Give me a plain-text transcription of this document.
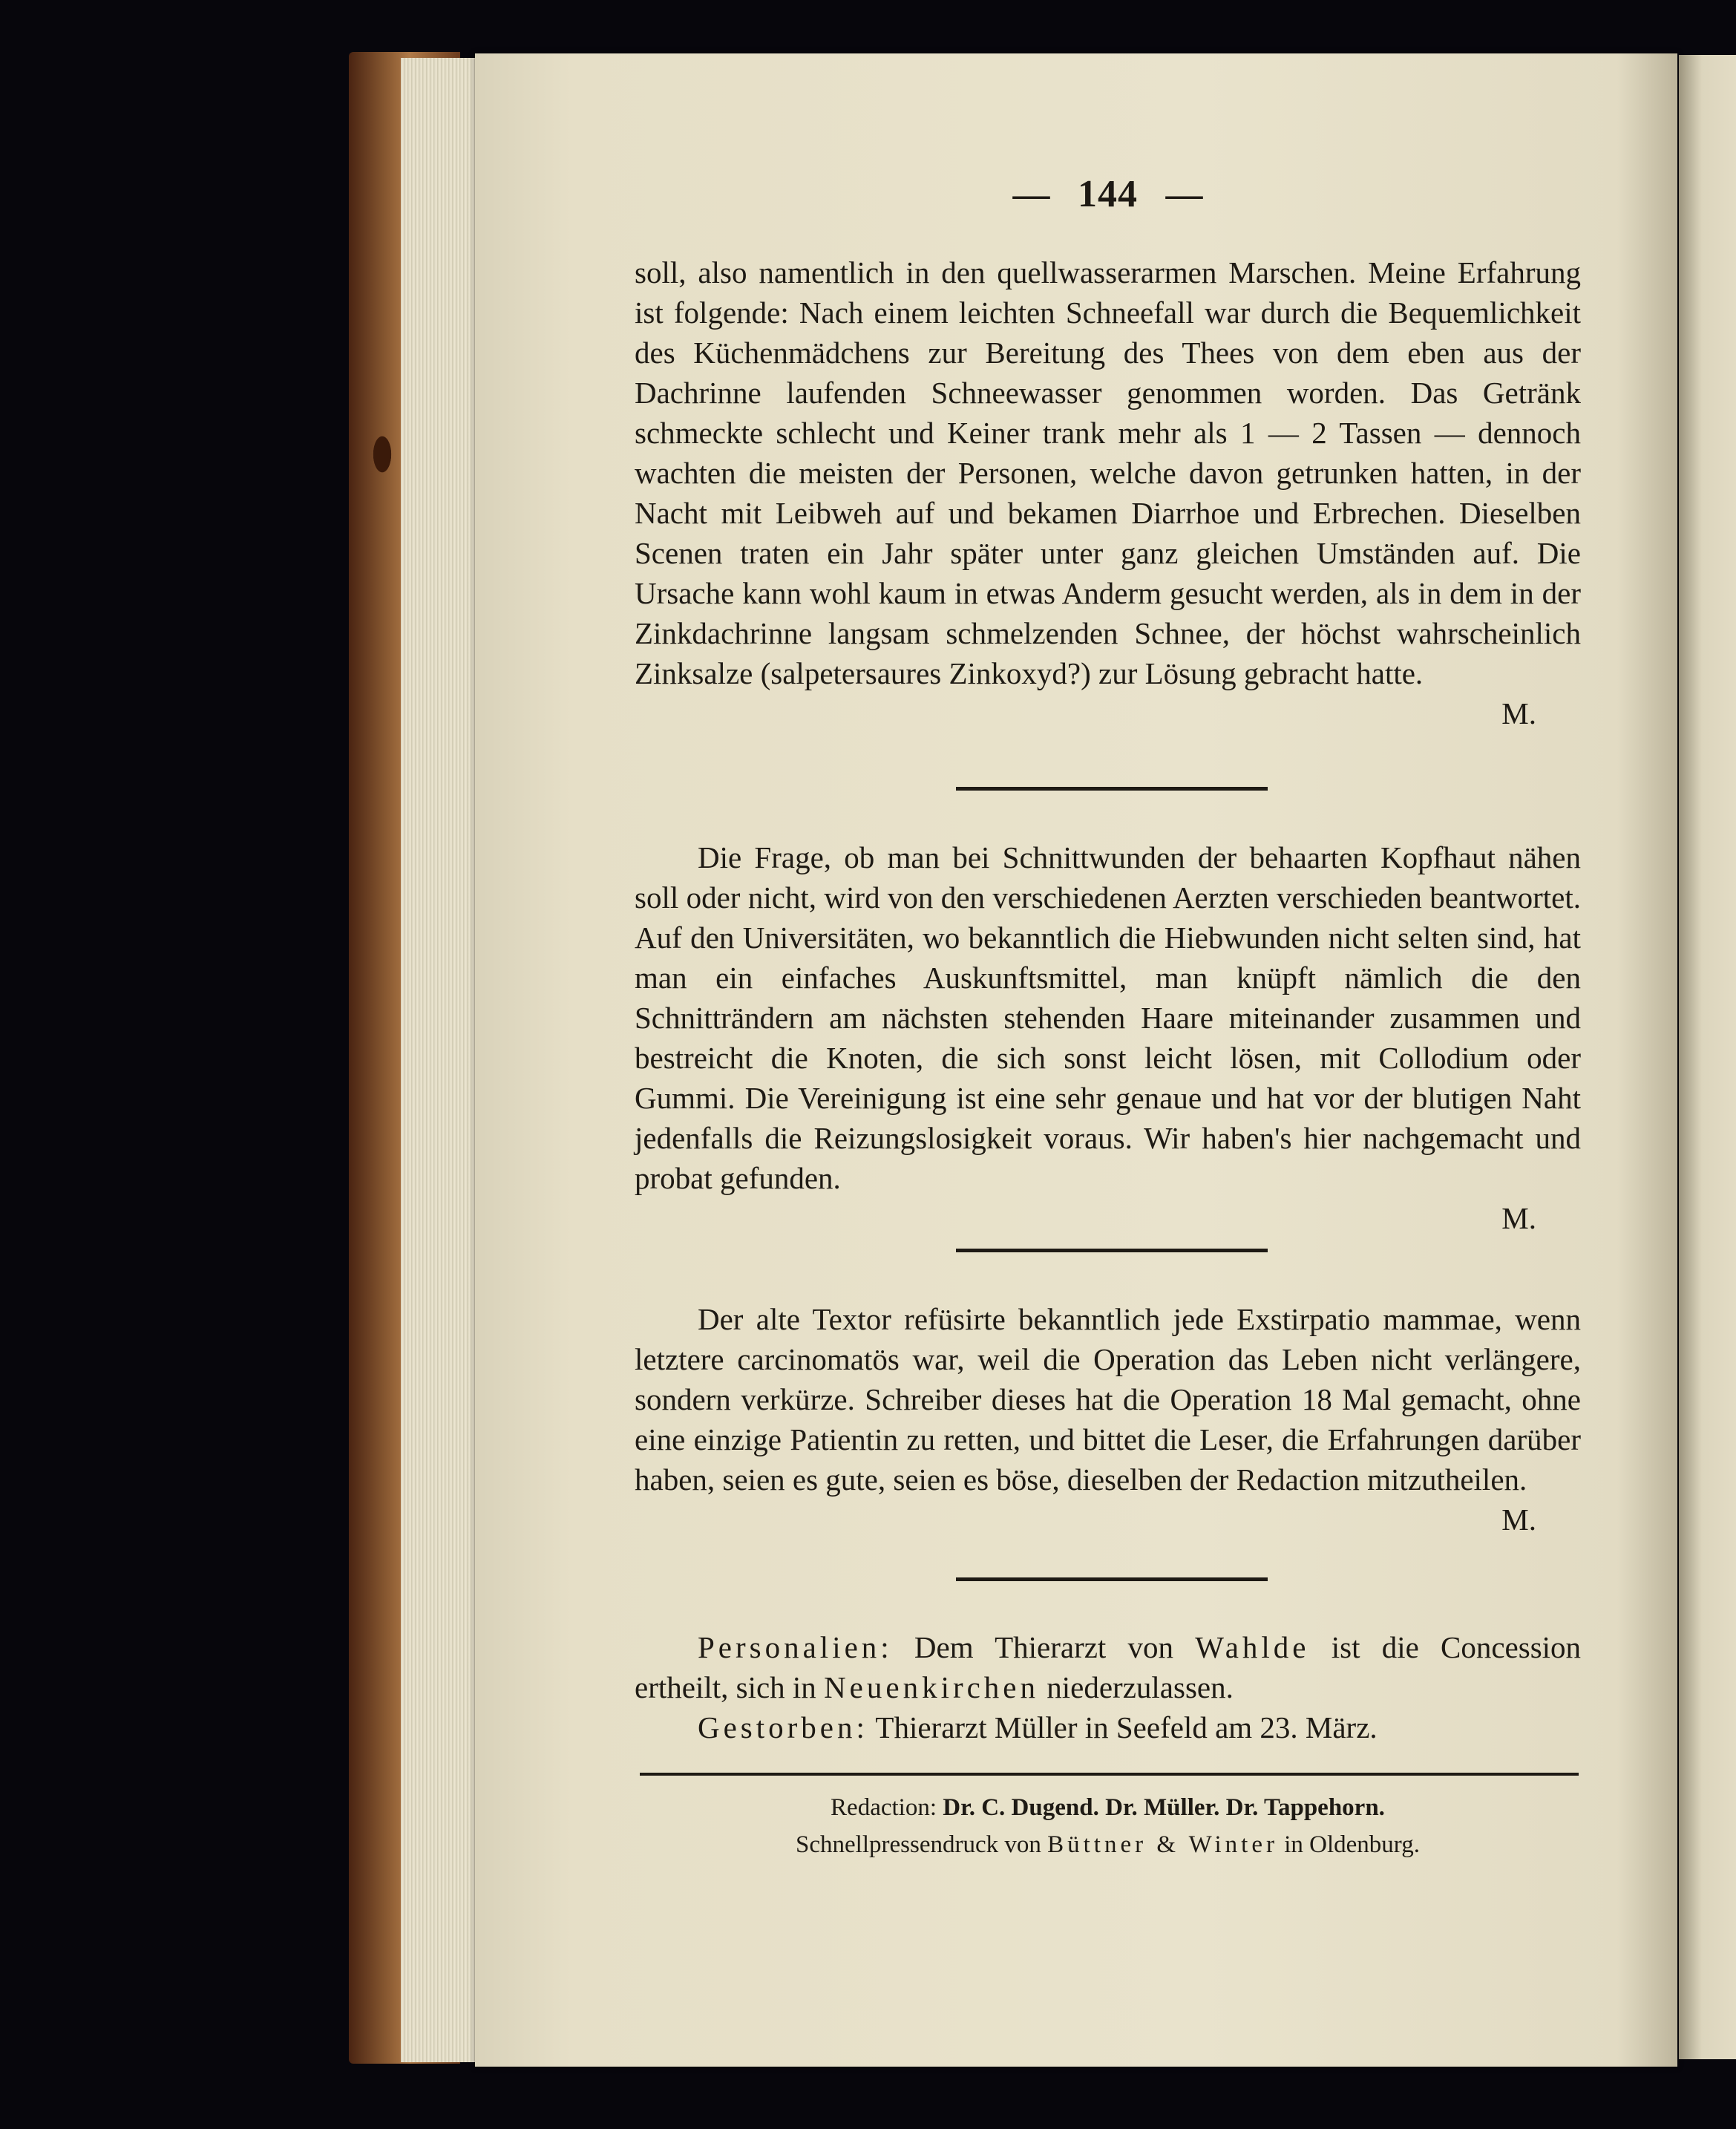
— 144 —

soll, also namentlich in den quellwasserarmen Marschen. Meine Erfahrung ist folgende: Nach einem leichten Schneefall war durch die Bequemlichkeit des Küchenmädchens zur Bereitung des Thees von dem eben aus der Dachrinne laufenden Schneewasser genommen worden. Das Getränk schmeckte schlecht und Keiner trank mehr als 1 — 2 Tassen — dennoch wachten die meisten der Personen, welche davon getrunken hatten, in der Nacht mit Leibweh auf und bekamen Diarrhoe und Erbrechen. Dieselben Scenen traten ein Jahr später unter ganz gleichen Umständen auf. Die Ursache kann wohl kaum in etwas Anderm gesucht werden, als in dem in der Zinkdachrinne langsam schmelzenden Schnee, der höchst wahrscheinlich Zinksalze (salpetersaures Zinkoxyd?) zur Lösung gebracht hatte.

M.

Die Frage, ob man bei Schnittwunden der behaarten Kopfhaut nähen soll oder nicht, wird von den verschiedenen Aerzten verschieden beantwortet. Auf den Universitäten, wo bekanntlich die Hiebwunden nicht selten sind, hat man ein einfaches Auskunftsmittel, man knüpft nämlich die den Schnitträndern am nächsten stehenden Haare miteinander zusammen und bestreicht die Knoten, die sich sonst leicht lösen, mit Collodium oder Gummi. Die Vereinigung ist eine sehr genaue und hat vor der blutigen Naht jedenfalls die Reizungslosigkeit voraus. Wir haben's hier nachgemacht und probat gefunden.

M.

Der alte Textor refüsirte bekanntlich jede Exstirpatio mammae, wenn letztere carcinomatös war, weil die Operation das Leben nicht verlängere, sondern verkürze. Schreiber dieses hat die Operation 18 Mal gemacht, ohne eine einzige Patientin zu retten, und bittet die Leser, die Erfahrungen darüber haben, seien es gute, seien es böse, dieselben der Redaction mitzutheilen.

M.

Personalien: Dem Thierarzt von Wahlde ist die Concession ertheilt, sich in Neuenkirchen niederzulassen.

Gestorben: Thierarzt Müller in Seefeld am 23. März.

Redaction: Dr. C. Dugend. Dr. Müller. Dr. Tappehorn.
Schnellpressendruck von Büttner & Winter in Oldenburg.
